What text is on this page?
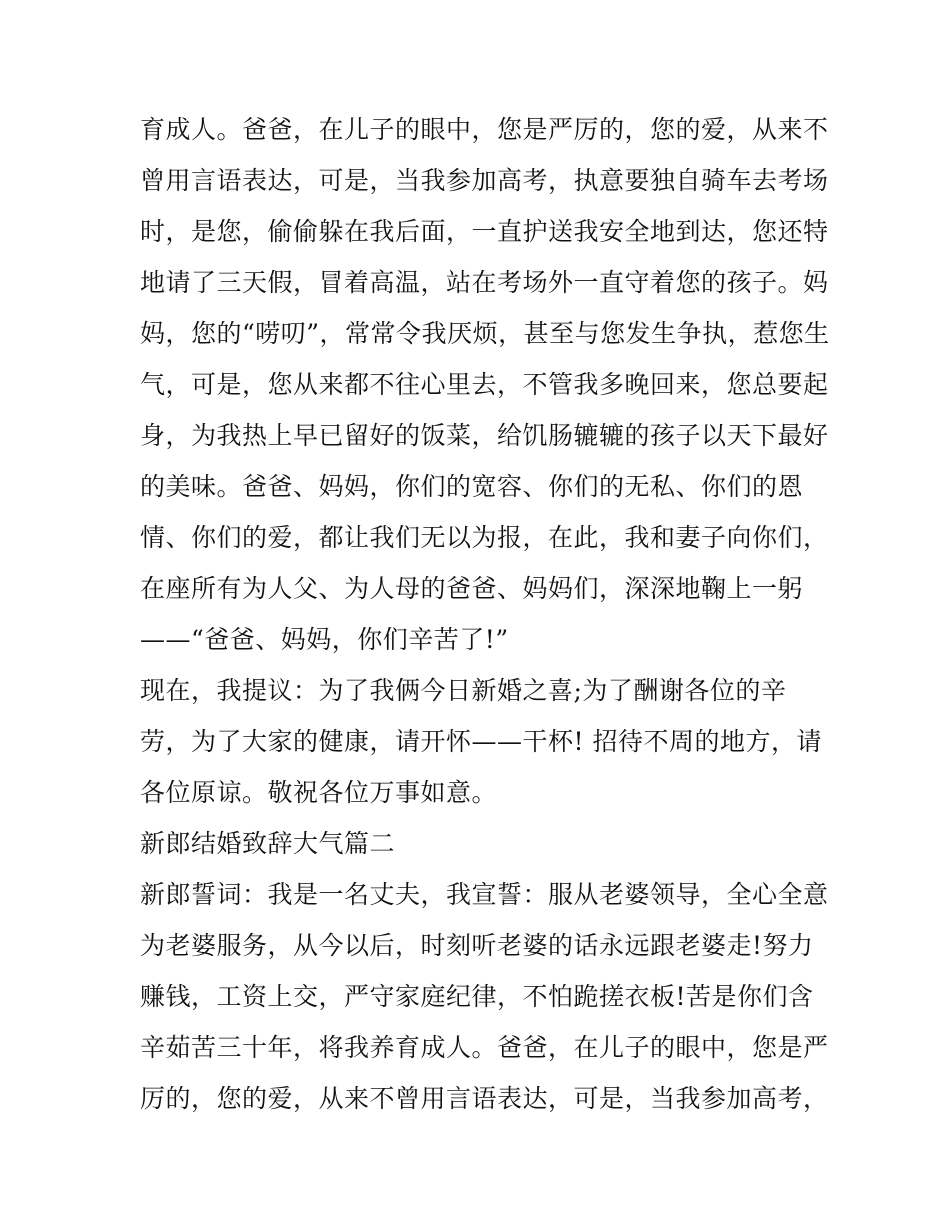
育成人。爸爸，在儿子的眼中，您是严厉的，您的爱，从来不
曾用言语表达，可是，当我参加高考，执意要独自骑车去考场
时，是您，偷偷躲在我后面，一直护送我安全地到达，您还特
地请了三天假，冒着高温，站在考场外一直守着您的孩子。妈
妈，您的“唠叨”，常常令我厌烦，甚至与您发生争执，惹您生
气，可是，您从来都不往心里去，不管我多晚回来，您总要起
身，为我热上早已留好的饭菜，给饥肠辘辘的孩子以天下最好
的美味。爸爸、妈妈，你们的宽容、你们的无私、你们的恩
情、你们的爱，都让我们无以为报，在此，我和妻子向你们，
在座所有为人父、为人母的爸爸、妈妈们，深深地鞠上一躬
——“爸爸、妈妈，你们辛苦了!”
现在，我提议：为了我俩今日新婚之喜;为了酬谢各位的辛
劳，为了大家的健康，请开怀——干杯! 招待不周的地方，请
各位原谅。敬祝各位万事如意。
新郎结婚致辞大气篇二
新郎誓词：我是一名丈夫，我宣誓：服从老婆领导，全心全意
为老婆服务，从今以后，时刻听老婆的话永远跟老婆走!努力
赚钱，工资上交，严守家庭纪律，不怕跪搓衣板!苦是你们含
辛茹苦三十年，将我养育成人。爸爸，在儿子的眼中，您是严
厉的，您的爱，从来不曾用言语表达，可是，当我参加高考，
